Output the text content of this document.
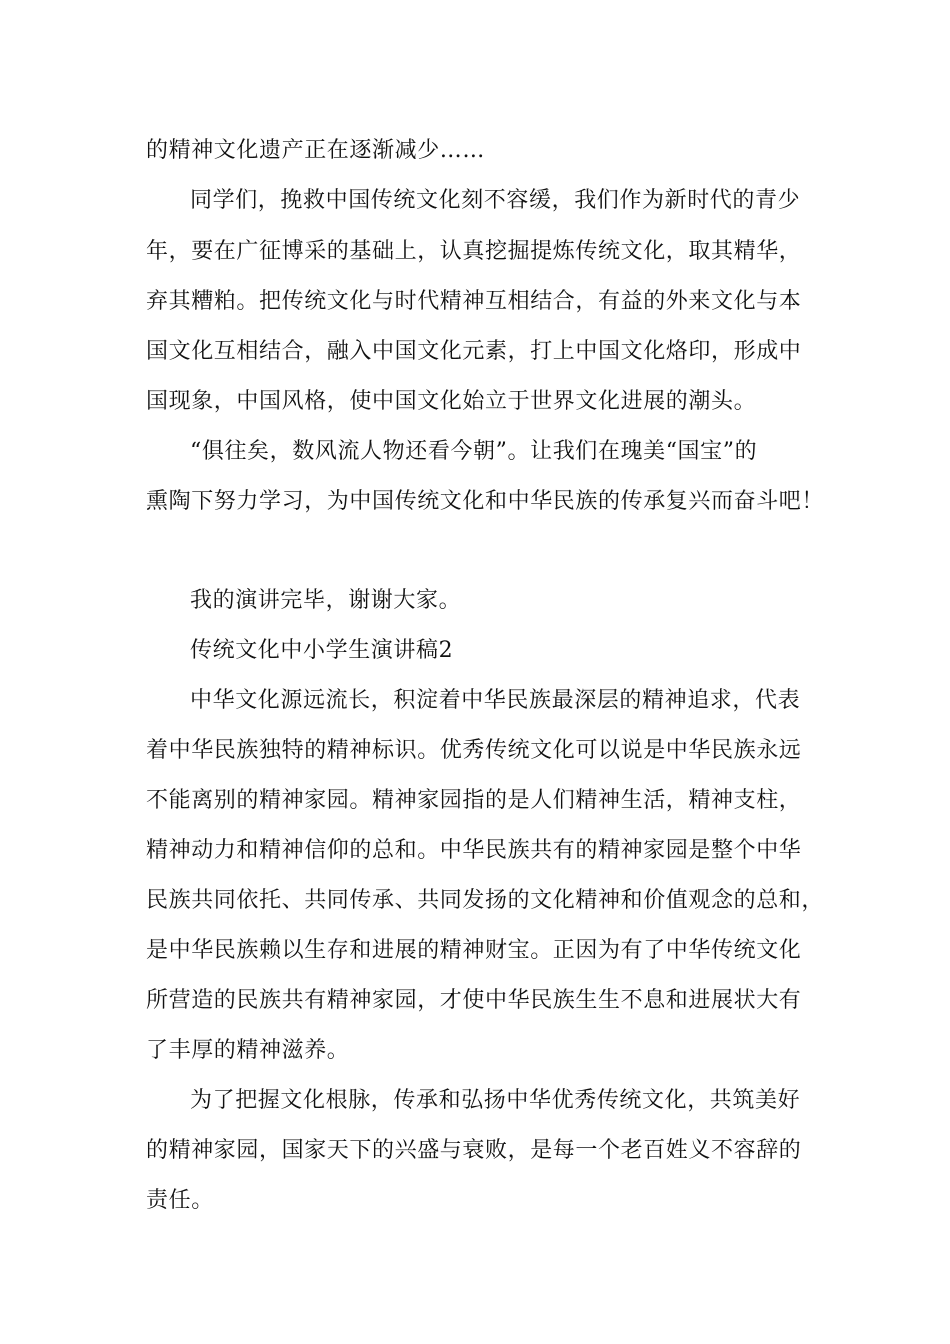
的精神文化遗产正在逐渐减少……
同学们，挽救中国传统文化刻不容缓，我们作为新时代的青少
年，要在广征博采的基础上，认真挖掘提炼传统文化，取其精华，
弃其糟粕。把传统文化与时代精神互相结合，有益的外来文化与本
国文化互相结合，融入中国文化元素，打上中国文化烙印，形成中
国现象，中国风格，使中国文化始立于世界文化进展的潮头。
“俱往矣，数风流人物还看今朝”。让我们在瑰美“国宝”的
熏陶下努力学习，为中国传统文化和中华民族的传承复兴而奋斗吧！
我的演讲完毕，谢谢大家。
传统文化中小学生演讲稿2
中华文化源远流长，积淀着中华民族最深层的精神追求，代表
着中华民族独特的精神标识。优秀传统文化可以说是中华民族永远
不能离别的精神家园。精神家园指的是人们精神生活，精神支柱，
精神动力和精神信仰的总和。中华民族共有的精神家园是整个中华
民族共同依托、共同传承、共同发扬的文化精神和价值观念的总和，
是中华民族赖以生存和进展的精神财宝。正因为有了中华传统文化
所营造的民族共有精神家园，才使中华民族生生不息和进展状大有
了丰厚的精神滋养。
为了把握文化根脉，传承和弘扬中华优秀传统文化，共筑美好
的精神家园，国家天下的兴盛与衰败，是每一个老百姓义不容辞的
责任。
